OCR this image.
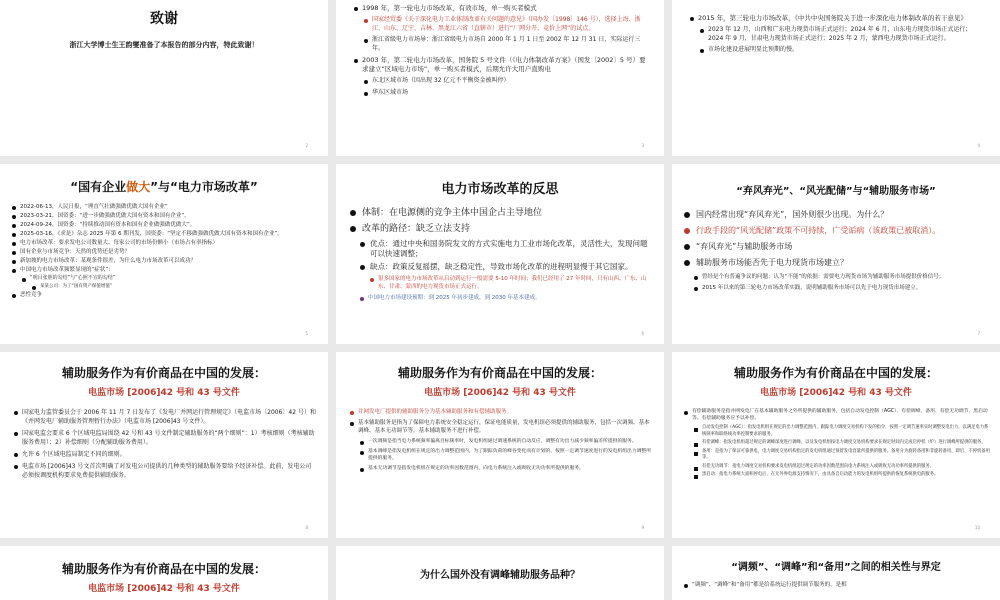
致谢
浙江大学博士生王韵燮准备了本报告的部分内容，特此致谢！
2
1998 年，第一轮电力市场改革，有效市场，单一购买者模式
国家经贸委《关于深化电力工业体制改革有关问题的意见》（国办发〔1998〕146 号），选择上海、浙江、山东、辽宁、吉林、黑龙江六省（直辖市）进行“厂网分开、竞价上网”的试点。
浙江省级电力市场导：浙江省级电力市场自 2000 年 1 月 1 日至 2002 年 12 月 31 日，实际运行三年。
2003 年，第二轮电力市场改革，国务院 5 号文件（《电力体制改革方案》（国发〔2002〕5 号）要求建立“区域电力市场”，单一购买者模式，后期允许大用户直购电
东北区域市场（因出现 32 亿元不平衡资金被叫停）
华东区域市场
3
2015 年，第三轮电力市场改革，《中共中央国务院关于进一步深化电力体制改革的若干意见》
2023 年 12 月，山西和广东电力现货市场正式运行；2024 年 6 月，山东电力现货市场正式运行；2024 年 9 月，甘肃电力现货市场正式运行；2025 年 2 月，蒙西电力现货市场正式运行。
市场化建设进展明显比预期的慢。
4
“国有企业做大”与“电力市场改革”
2022-06-13，人民日报，“理直气壮做强做优做大国有企业”
2023-03-21，国资委：“进一步做强做优做大国有资本和国有企业”。
2024-09-24，国资委：“持续推动国有资本和国有企业做强做优做大”。
2025-03-16，《求是》杂志 2025 年第 6 期刊发，国资委：“坚定不移做强做优做大国有资本和国有企业”。
电力市场改革：要求发电公司数量大、每家公司的市场份额小（市场占有率指标）
国有企业与市场竞争：天然的优势还是劣势？
新加坡的电力市场改革：某观条件很差，为什么电力市场改革可以成功？
中国电力市场改革频繁显现的“症状”：
“明目张胆的勾结”与“心照不宣的勾结”
某某公司：为了“国有资产保值增值”
恶性竞争
5
电力市场改革的反思
体制：在电源侧的竞争主体中国企占主导地位
改革的路径：缺乏立法支持
优点：通过中央和国务院发文的方式实施电力工业市场化改革，灵活性大，发现问题可以快速调整；
缺点：政策反复摇摆，缺乏稳定性，导致市场化改革的进程明显慢于其它国家。
很多国家的电力市场改革从启动到运行一般需要 5-10 年时间；我们已经用了 27 年时间，只有山西、广东、山东、甘肃、蒙西的电力现货市场正式运行。
中国电力市场建设预期：到 2025 年初步建成，到 2030 年基本建成。
6
“弃风弃光”、“风光配储”与“辅助服务市场”
国内经常出现“弃风弃光”，国外则很少出现。为什么？
行政手段的“风光配储”政策不可持续，广受诟病（该政策已被取消）。
“弃风弃光”与辅助服务市场
辅助服务市场能否先于电力现货市场建立？
曾经是个有普遍争议的问题：认为“不能”的依据：需要电力现货市场为辅助服务市场提供价格信号；
2015 年以来的第三轮电力市场改革实践，说明辅助服务市场可以先于电力现货市场建立。
7
辅助服务作为有价商品在中国的发展：
电监市场 [2006]42 号和 43 号文件
国家电力监管委员会于 2006 年 11 月 7 日发布了《发电厂并网运行管理规定》（电监市场〔2006〕42 号）和《并网发电厂辅助服务管理暂行办法》（电监市场 [2006]43 号文件）。
国家电监会要求 6 个区域电监局围绕 42 号和 43 号文件制定辅助服务的“两个细则”：1）考核细则（考核辅助服务费用）；2）补偿细则（分配辅助服务费用）。
允许 6 个区域电监局制定不同的细则。
电监市场 [2006]43 号文首次明确了对发电公司提供的几种类型的辅助服务要给予经济补偿。此前，发电公司必须按调度机构要求免费提供辅助服务。
8
辅助服务作为有价商品在中国的发展：
电监市场 [2006]42 号和 43 号文件
并网发电厂提供的辅助服务分为基本辅助服务和有偿辅助服务。
基本辅助服务是指为了保障电力系统安全稳定运行，保证电能质量，发电机组必须提供的辅助服务，包括一次调频、基本调峰、基本无功调节等。基本辅助服务不进行补偿。
一次调频是指当电力系统频率偏离目标频率时，发电机组通过调速系统的自动反应，调整有功出力减少频率偏差所提供的服务。
基本调峰是指发电机组在规定的出力调整范围内，为了跟踪负荷的峰谷变化而有计划的、按照一定调节速度进行的发电机组出力调整所提供的服务。
基本无功调节是指发电机组在规定的功率因数范围内，向电力系统注入或吸收无功功率所提供的服务。
9
辅助服务作为有价商品在中国的发展：
电监市场 [2006]42 号和 43 号文件
有偿辅助服务是指并网发电厂在基本辅助服务之外所提供的辅助服务，包括自动发电控制（AGC）、有偿调峰、备用、有偿无功调节、黑启动等。有偿辅助服务应予以补偿。
自动发电控制（AGC）：指发电机组在规定的出力调整范围内，跟踪电力调度交易机构下发的指令，按照一定调节速率实时调整发电出力，以满足电力系统频率和联络线功率控制要求的服务。
有偿调峰：指发电机组超过规定的调峰深度进行调峰，以及发电机组按电力调度交易机构要求在规定时间内完成启停机（炉）进行调峰所提供的服务。
备用：是指为了保证可靠供电，电力调度交易机构指定的发电机组通过预留发电容量所提供的服务。备用分为旋转备用和非旋转备用，即启、不停机备用等。
有偿无功调节：指电力调度交易机构要求发电机组超过规定的功率因数范围向电力系统注入或吸收无功功率所提供的服务。
黑启动：指电力系统大面积停电后，在无外界电源支持情况下，由具备自启动能力的发电机组所提供的恢复系统供电的服务。
10
辅助服务作为有价商品在中国的发展：
电监市场 [2006]42 号和 43 号文件
为什么国外没有调峰辅助服务品种？
“调频”、“调峰”和“备用”之间的相关性与界定
“调频”、“调峰”和“备用”都是给系统运行提供调节服务的，是相
